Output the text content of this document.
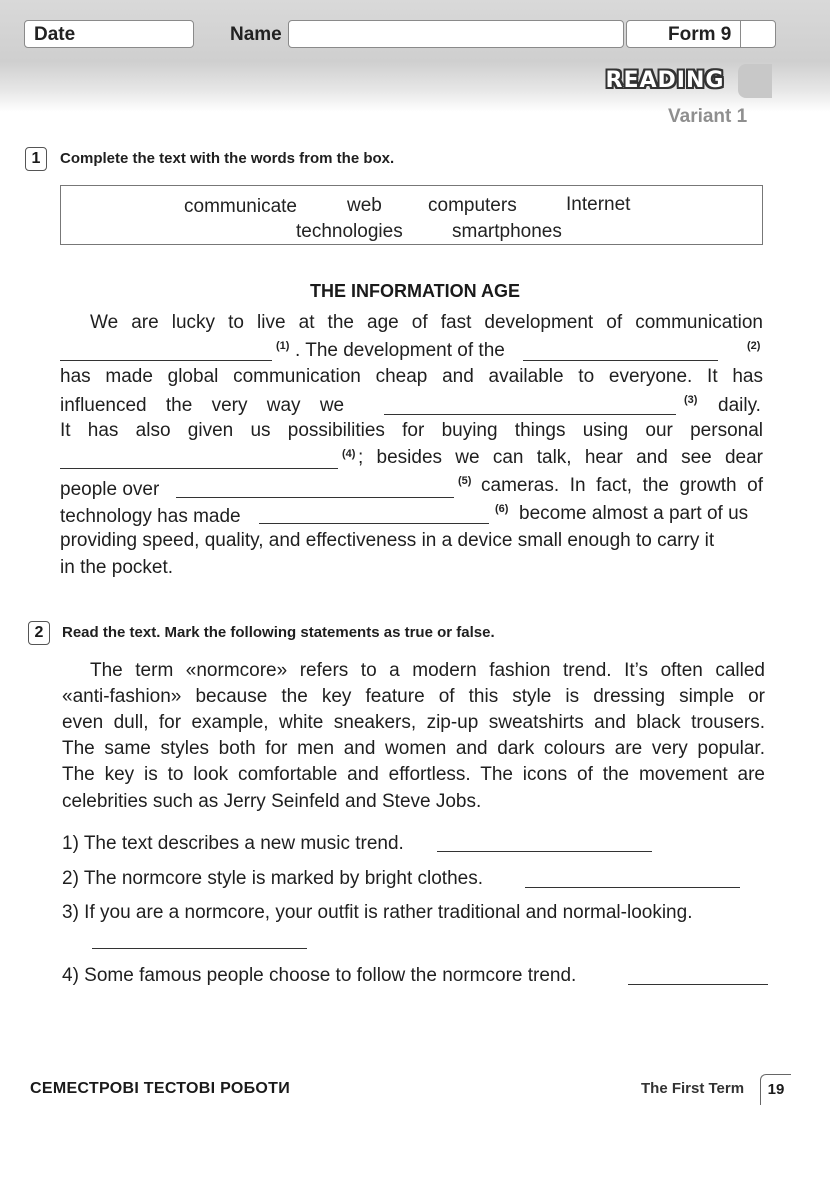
Date	Name	Form 9
READING
Variant 1
1	Complete the text with the words from the box.
communicate	web computers	Internet
technologies	smartphones
THE INFORMATION AGE
We are lucky to live at the age of fast development of communication
(1) . The development of the	(2)
has made global communication cheap and available to everyone. It has
influenced the very way we	(3) daily.
It has also given us possibilities for buying things using our personal
(4) ; besides we can talk, hear and see dear
people over	(5) cameras. In fact, the growth of
technology has made	(6) become almost a part of us
providing speed, quality, and effectiveness in a device small enough to carry it
in the pocket.
2	Read the text. Mark the following statements as true or false.
The term «normcore» refers to a modern fashion trend. It’s often called
«anti-fashion» because the key feature of this style is dressing simple or
even dull, for example, white sneakers, zip-up sweatshirts and black trousers.
The same styles both for men and women and dark colours are very popular.
The key is to look comfortable and effortless. The icons of the movement are
celebrities such as Jerry Seinfeld and Steve Jobs.
1) The text describes a new music trend.
2) The normcore style is marked by bright clothes.
3) If you are a normcore, your outfit is rather traditional and normal-looking.
4) Some famous people choose to follow the normcore trend.
СЕМЕСТРОВІ ТЕСТОВІ РОБОТИ	The First Term	19
